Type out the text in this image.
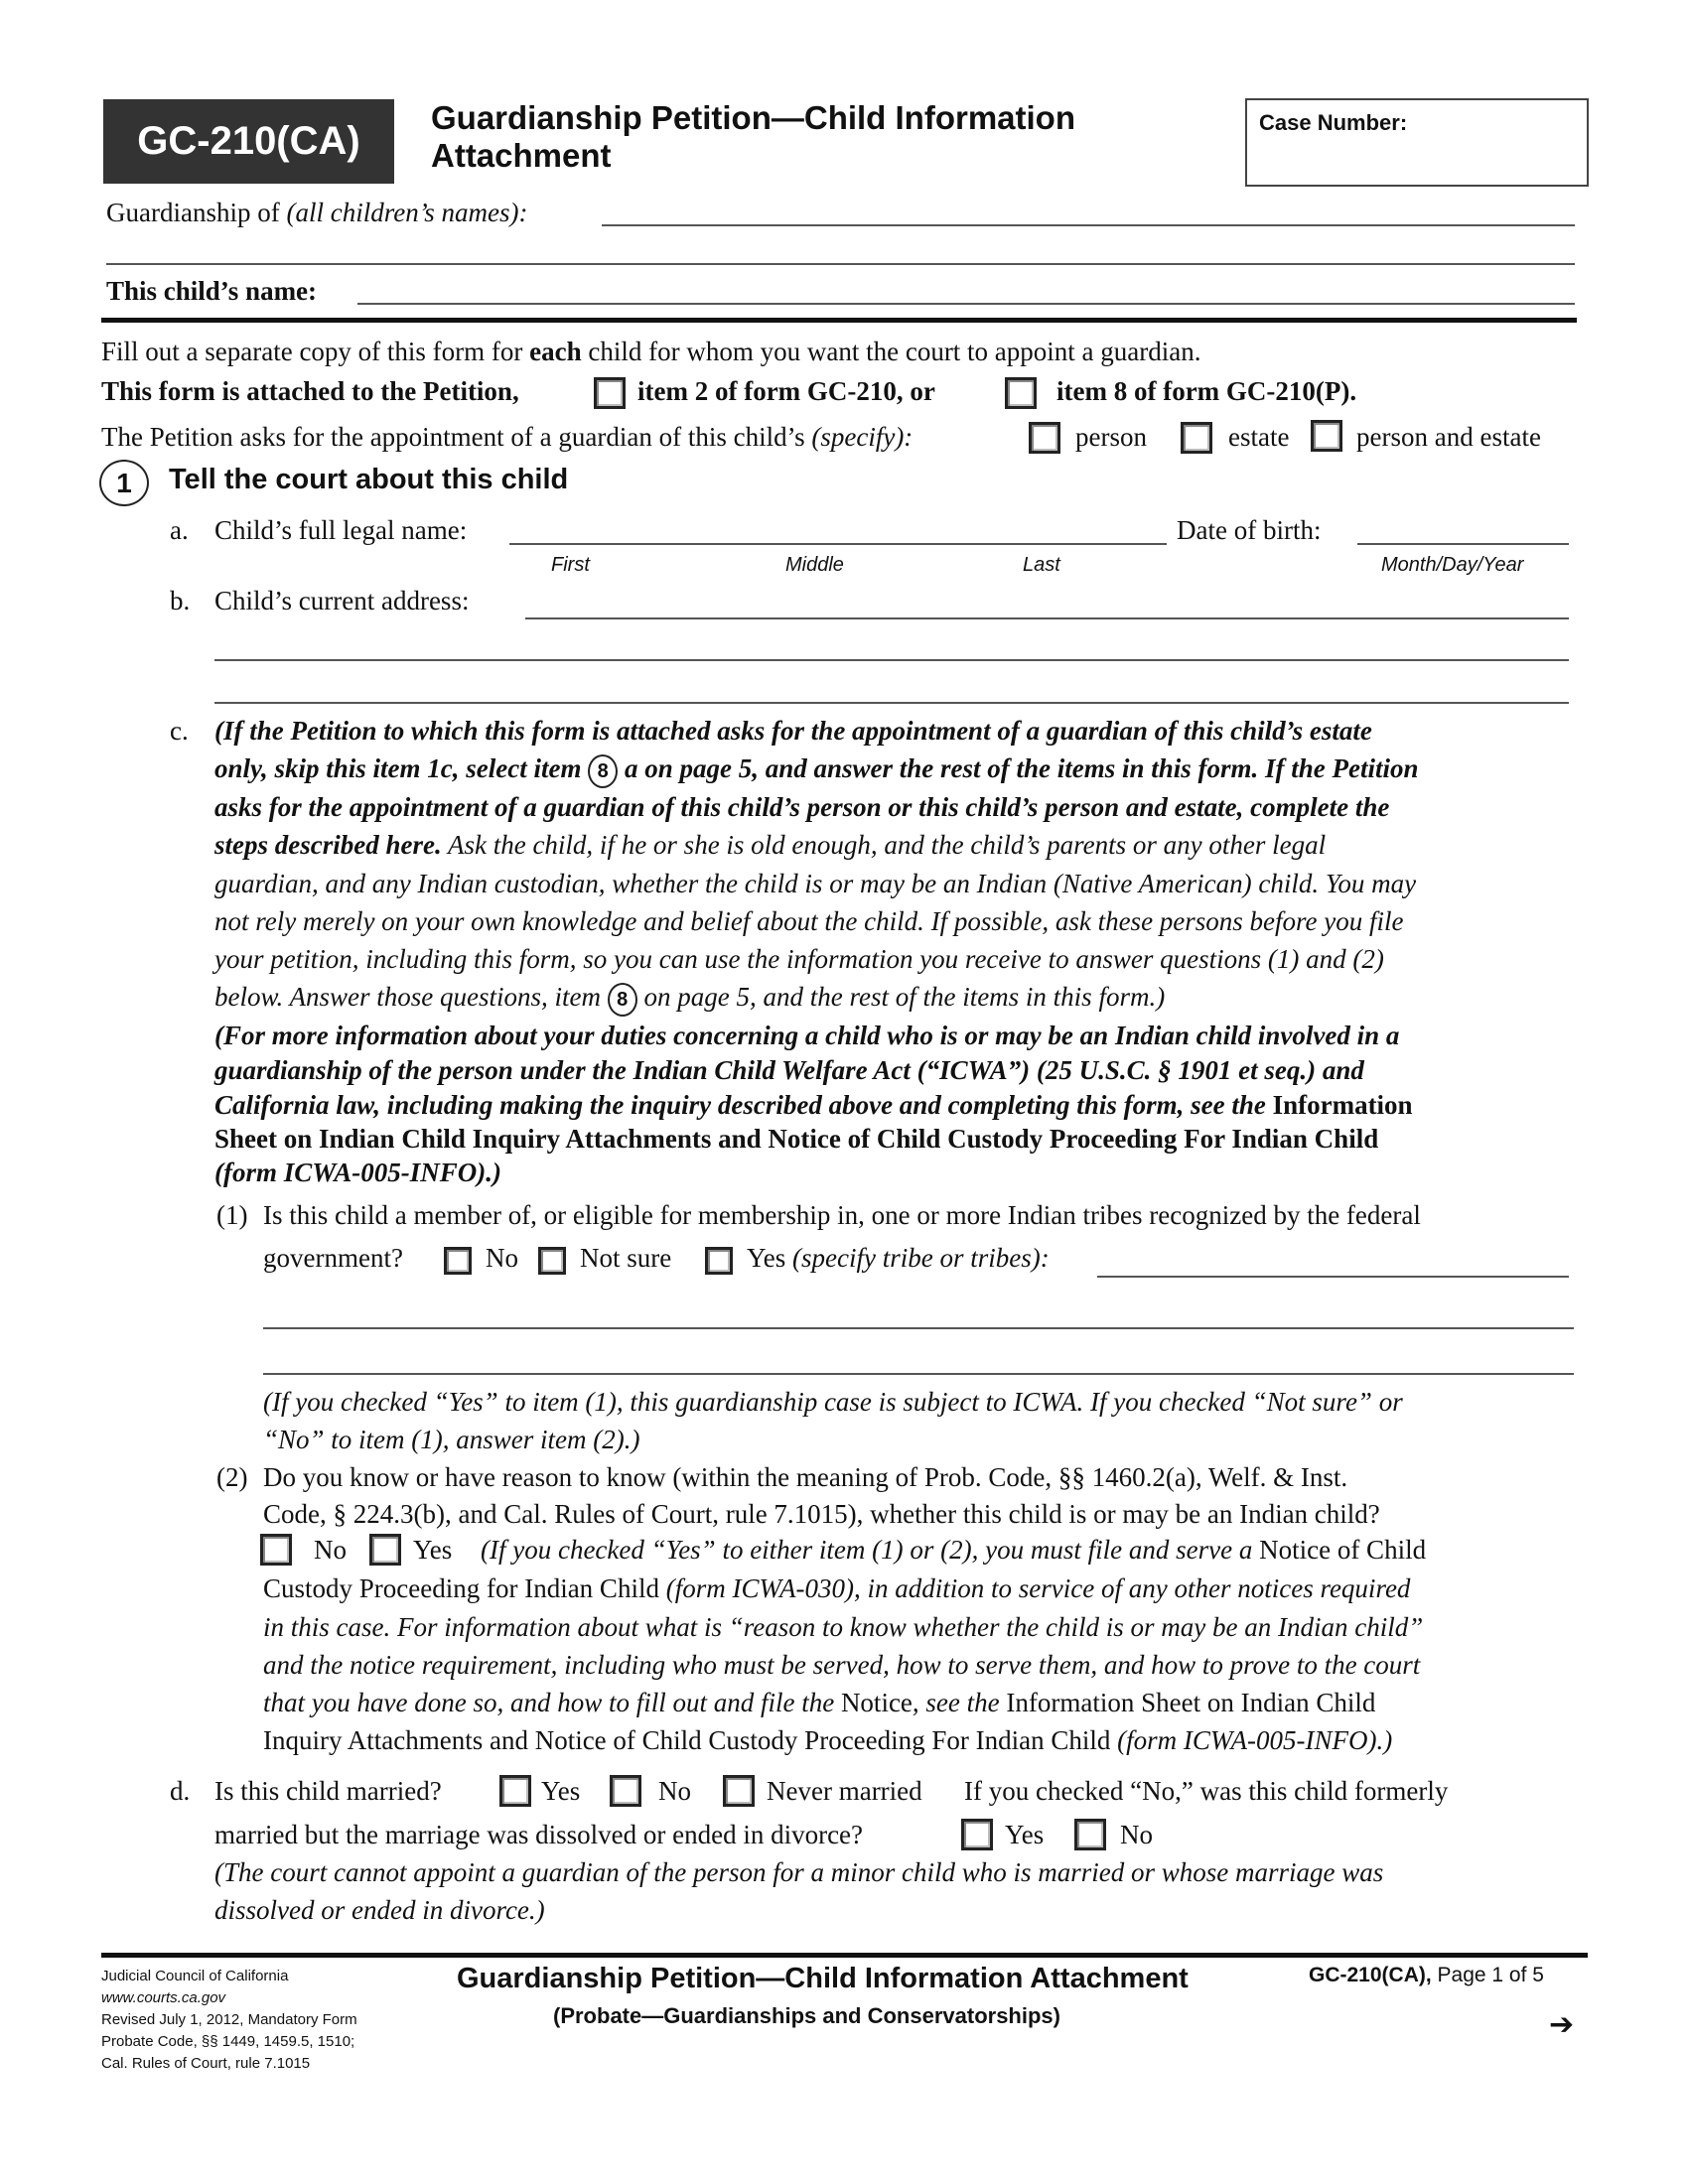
GC-210(CA)
Guardianship Petition—Child Information
Attachment
Case Number:
Guardianship of (all children’s names):
This child’s name:
Fill out a separate copy of this form for each child for whom you want the court to appoint a guardian.
This form is attached to the Petition,	item 2 of form GC-210, or	item 8 of form GC-210(P).
The Petition asks for the appointment of a guardian of this child’s (specify):	person	estate	person and estate
1	Tell the court about this child
a. Child’s full legal name:	Date of birth:
First	Middle	Last	Month/Day/Year
b. Child’s current address:
c. (If the Petition to which this form is attached asks for the appointment of a guardian of this child’s estate
only, skip this item 1c, select item 8 a on page 5, and answer the rest of the items in this form. If the Petition
asks for the appointment of a guardian of this child’s person or this child’s person and estate, complete the
steps described here. Ask the child, if he or she is old enough, and the child’s parents or any other legal
guardian, and any Indian custodian, whether the child is or may be an Indian (Native American) child. You may
not rely merely on your own knowledge and belief about the child. If possible, ask these persons before you file
your petition, including this form, so you can use the information you receive to answer questions (1) and (2)
below. Answer those questions, item 8 on page 5, and the rest of the items in this form.)
(For more information about your duties concerning a child who is or may be an Indian child involved in a
guardianship of the person under the Indian Child Welfare Act (“ICWA”) (25 U.S.C. § 1901 et seq.) and
California law, including making the inquiry described above and completing this form, see the Information
Sheet on Indian Child Inquiry Attachments and Notice of Child Custody Proceeding For Indian Child
(form ICWA-005-INFO).)
(1) Is this child a member of, or eligible for membership in, one or more Indian tribes recognized by the federal
government?	No Not sure	Yes (specify tribe or tribes):
(If you checked “Yes” to item (1), this guardianship case is subject to ICWA. If you checked “Not sure” or
“No” to item (1), answer item (2).)
(2) Do you know or have reason to know (within the meaning of Prob. Code, §§ 1460.2(a), Welf. & Inst.
Code, § 224.3(b), and Cal. Rules of Court, rule 7.1015), whether this child is or may be an Indian child?
No Yes (If you checked “Yes” to either item (1) or (2), you must file and serve a Notice of Child
Custody Proceeding for Indian Child (form ICWA-030), in addition to service of any other notices required
in this case. For information about what is “reason to know whether the child is or may be an Indian child”
and the notice requirement, including who must be served, how to serve them, and how to prove to the court
that you have done so, and how to fill out and file the Notice, see the Information Sheet on Indian Child
Inquiry Attachments and Notice of Child Custody Proceeding For Indian Child (form ICWA-005-INFO).)
d. Is this child married?	Yes	No	Never married If you checked “No,” was this child formerly
married but the marriage was dissolved or ended in divorce?	Yes	No
(The court cannot appoint a guardian of the person for a minor child who is married or whose marriage was
dissolved or ended in divorce.)
Judicial Council of California
www.courts.ca.gov
Revised July 1, 2012, Mandatory Form
Probate Code, §§ 1449, 1459.5, 1510;
Cal. Rules of Court, rule 7.1015
Guardianship Petition—Child Information Attachment
(Probate—Guardianships and Conservatorships)
GC-210(CA), Page 1 of 5
➔
